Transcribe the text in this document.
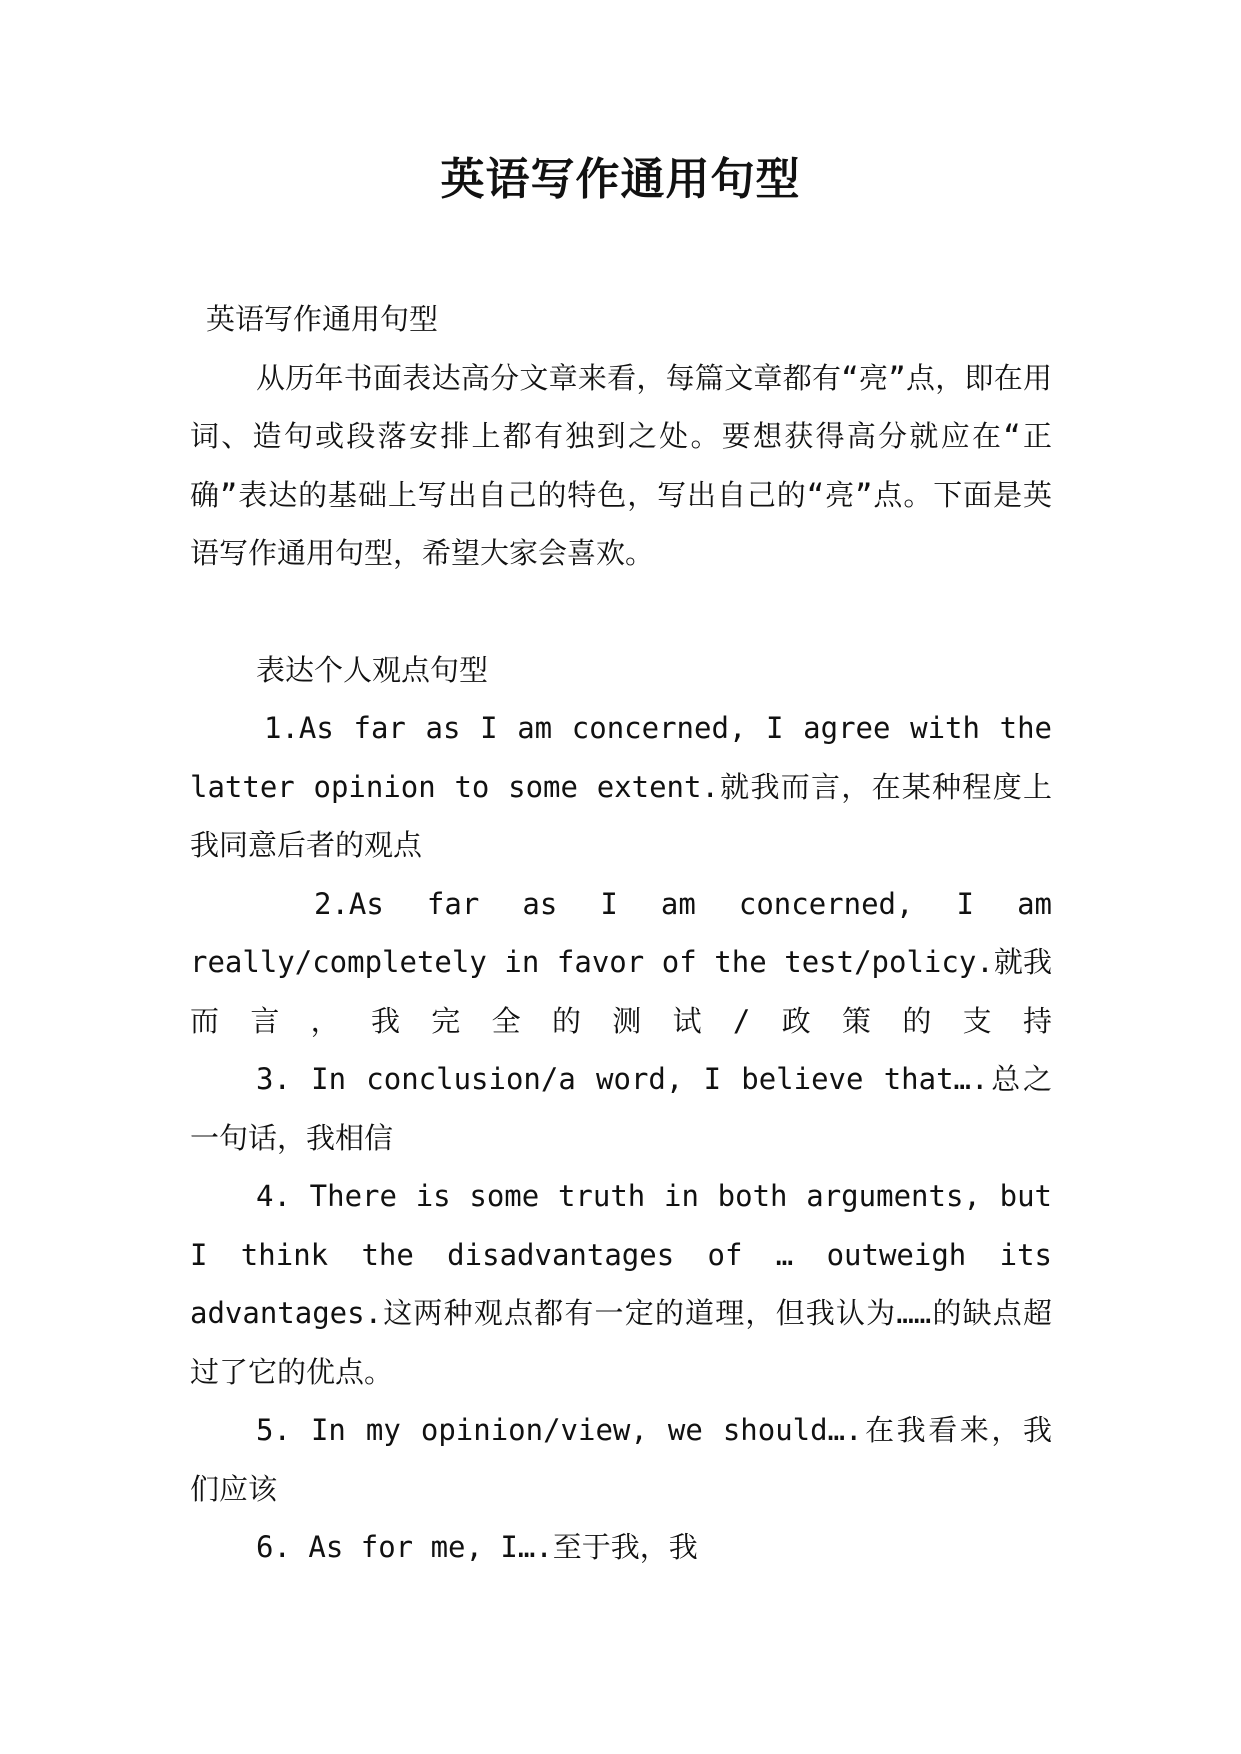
英语写作通用句型

英语写作通用句型

从历年书面表达高分文章来看，每篇文章都有“亮”点，即在用词、造句或段落安排上都有独到之处。要想获得高分就应在“正确”表达的基础上写出自己的特色，写出自己的“亮”点。下面是英语写作通用句型，希望大家会喜欢。

表达个人观点句型

1.As far as I am concerned, I agree with the latter opinion to some extent.就我而言，在某种程度上我同意后者的观点

2.As far as I am concerned, I am really/completely in favor of the test/policy.就我而言，我完全的测试/政策的支持

3. In conclusion/a word, I believe that….总之一句话，我相信

4. There is some truth in both arguments, but I think the disadvantages of … outweigh its advantages.这两种观点都有一定的道理，但我认为……的缺点超过了它的优点。

5. In my opinion/view, we should….在我看来，我们应该

6. As for me, I….至于我，我
